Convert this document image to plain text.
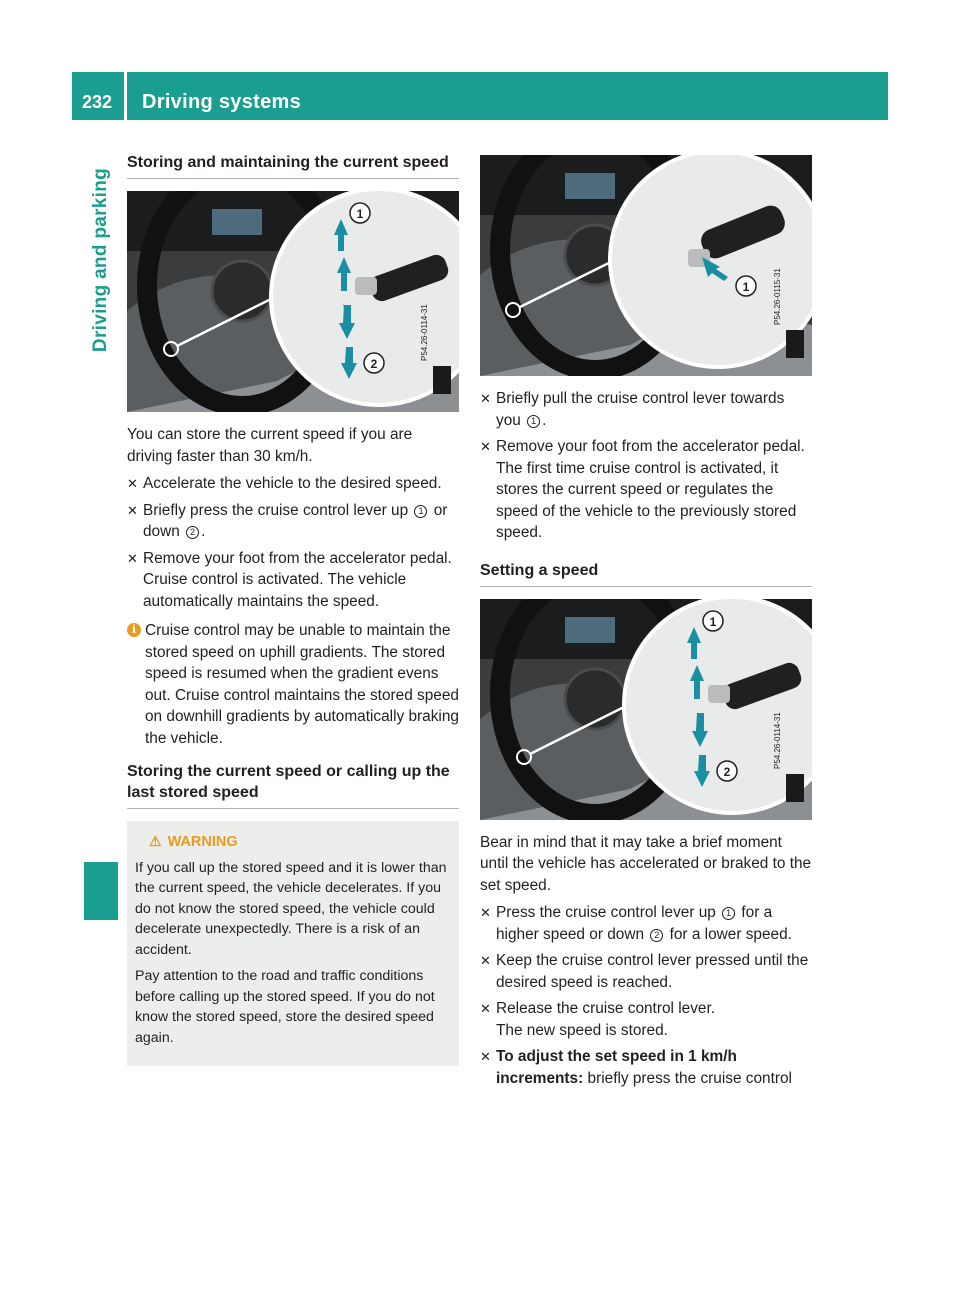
232	Driving systems
Driving and parking
Storing and maintaining the current speed
1
2
P54.26-0114-31

You can store the current speed if you are driving faster than 30 km/h.

✕ Accelerate the vehicle to the desired speed.
✕ Briefly press the cruise control lever up 1 or down 2 .
✕ Remove your foot from the accelerator pedal.
Cruise control is activated. The vehicle automatically maintains the speed.
i Cruise control may be unable to maintain the stored speed on uphill gradients. The stored speed is resumed when the gradient evens out. Cruise control maintains the stored speed on downhill gradients by automatically braking the vehicle.
Storing the current speed or calling up the last stored speed
⚠ WARNING

If you call up the stored speed and it is lower than the current speed, the vehicle decelerates. If you do not know the stored speed, the vehicle could decelerate unexpectedly. There is a risk of an accident.

Pay attention to the road and traffic conditions before calling up the stored speed. If you do not know the stored speed, store the desired speed again.

1	P54.26-0115-31
✕ Briefly pull the cruise control lever towards you 1 .
✕ Remove your foot from the accelerator pedal.
The first time cruise control is activated, it stores the current speed or regulates the speed of the vehicle to the previously stored speed.
Setting a speed
1
2
P54.26-0114-31

Bear in mind that it may take a brief moment until the vehicle has accelerated or braked to the set speed.

✕ Press the cruise control lever up 1 for a higher speed or down 2 for a lower speed.
✕ Keep the cruise control lever pressed until the desired speed is reached.
✕ Release the cruise control lever.
The new speed is stored.
✕ To adjust the set speed in 1 km/h increments: briefly press the cruise control
